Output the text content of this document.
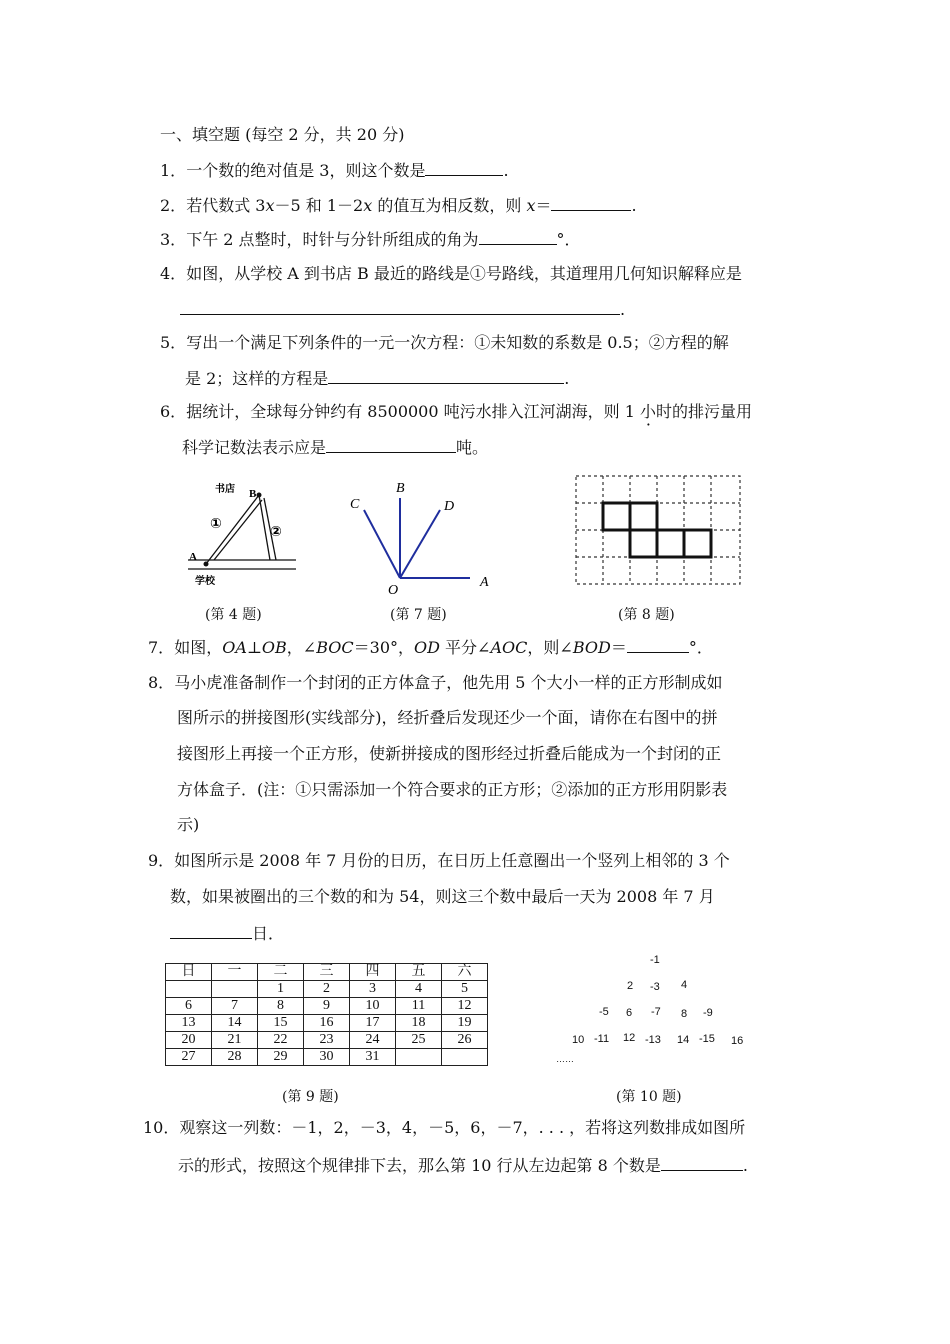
一、填空题 (每空 2 分，共 20 分)
1．一个数的绝对值是 3，则这个数是	.
2．若代数式 3x－5 和 1－2x 的值互为相反数，则 x＝	.
3．下午 2 点整时，时针与分针所组成的角为	°．
4．如图，从学校 A 到书店 B 最近的路线是①号路线，其道理用几何知识解释应是
.
5．写出一个满足下列条件的一元一次方程：①未知数的系数是 0.5；②方程的解
是 2；这样的方程是	.
6．据统计，全球每分钟约有 8500000 吨污水排入江河湖海，则 1 小时 ·的排污量用
科学记数法表示应是	吨。
书店 B
①	②
A
学校
(第 4 题)
C
B
D
O
A
(第 7 题)	(第 8 题)
7．如图，OA⊥OB，∠BOC＝30°，OD 平分∠AOC，则∠BOD＝	°．
8．马小虎准备制作一个封闭的正方体盒子，他先用 5 个大小一样的正方形制成如
图所示的拼接图形(实线部分)，经折叠后发现还少一个面，请你在右图中的拼
接图形上再接一个正方形，使新拼接成的图形经过折叠后能成为一个封闭的正
方体盒子．(注：①只需添加一个符合要求的正方形；②添加的正方形用阴影表
示)
9．如图所示是 2008 年 7 月份的日历，在日历上任意圈出一个竖列上相邻的 3 个
数，如果被圈出的三个数的和为 54，则这三个数中最后一天为 2008 年 7 月
日．
日	一	二	三	四	五	六
		1	2	3	4	5
6	7	8	9	10	11	12
13	14	15	16	17	18	19
20	21	22	23	24	25	26
27	28	29	30	31		
(第 9 题)
-1
2 -3 4
-5 6 -7 8 -9
10 -11 12 -13 14 -15 16
……
(第 10 题)
10．观察这一列数：－1，2，－3，4，－5，6，－7，. . . ，若将这列数排成如图所
示的形式，按照这个规律排下去，那么第 10 行从左边起第 8 个数是	.
